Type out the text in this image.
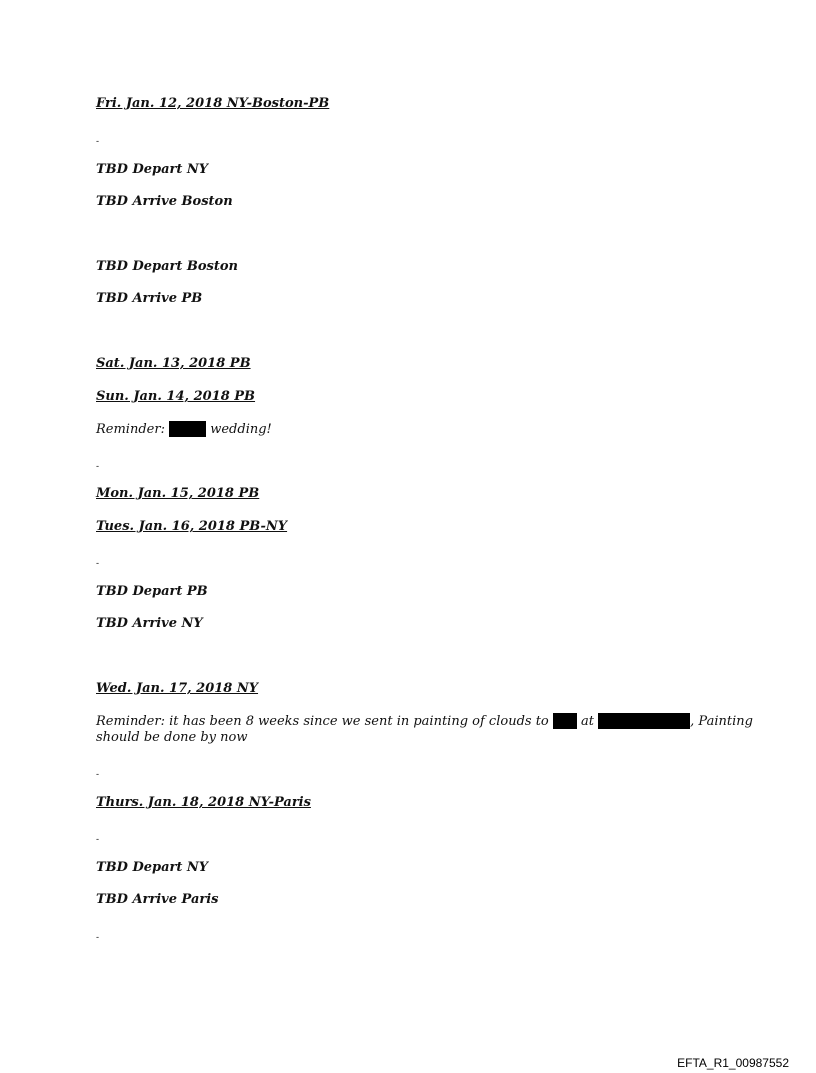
Fri. Jan. 12, 2018 NY-Boston-PB
-
TBD Depart NY
TBD Arrive Boston
TBD Depart Boston
TBD Arrive PB
Sat. Jan. 13, 2018 PB
Sun. Jan. 14, 2018 PB
Reminder:	wedding!
-
Mon. Jan. 15, 2018 PB
Tues. Jan. 16, 2018 PB-NY
-
TBD Depart PB
TBD Arrive NY
Wed. Jan. 17, 2018 NY
Reminder: it has been 8 weeks since we sent in painting of clouds to at	, Painting
should be done by now
-
Thurs. Jan. 18, 2018 NY-Paris
-
TBD Depart NY
TBD Arrive Paris
-
EFTA_R1_00987552
